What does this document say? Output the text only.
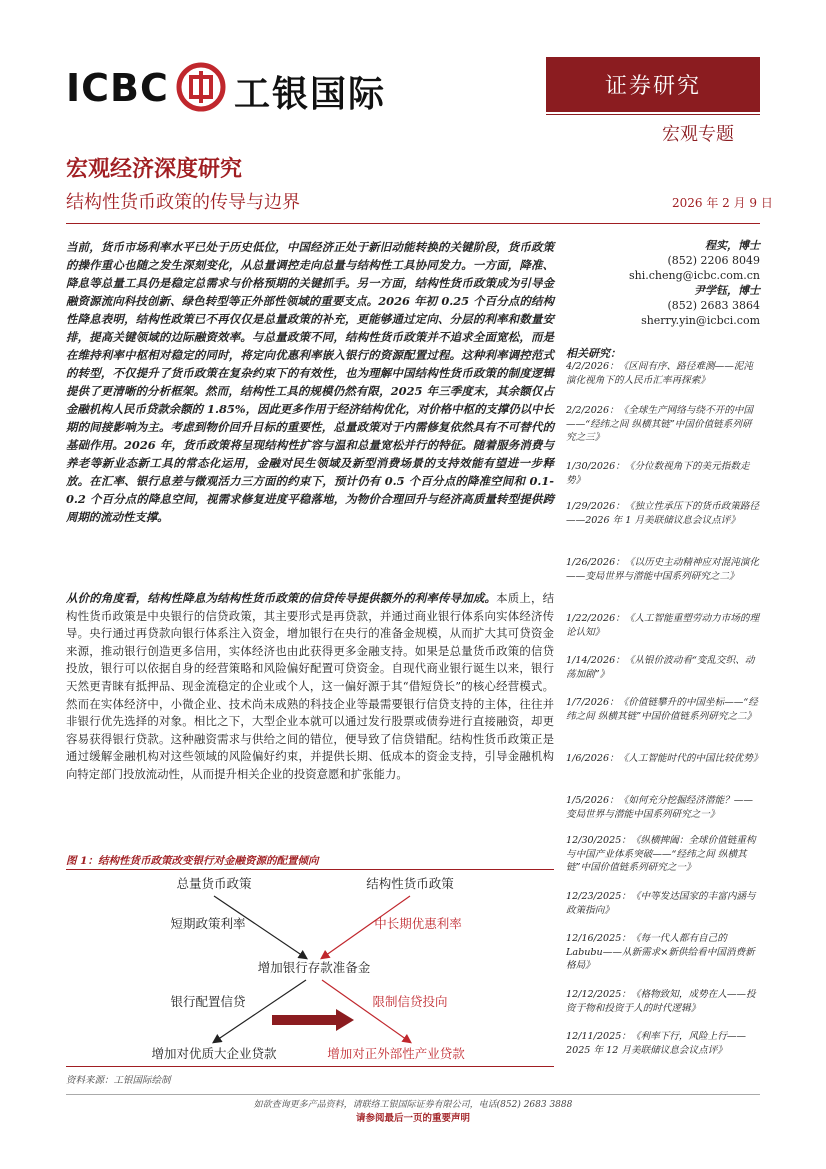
ICBC 工银国际	证券研究
宏观专题
宏观经济深度研究
结构性货币政策的传导与边界	2026 年 2 月 9 日
当前，货币市场利率水平已处于历史低位，中国经济正处于新旧动能转换的关键阶段，货币政策的操作重心也随之发生深刻变化，从总量调控走向总量与结构性工具协同发力。一方面，降准、降息等总量工具仍是稳定总需求与价格预期的关键抓手。另一方面，结构性货币政策成为引导金融资源流向科技创新、绿色转型等正外部性领域的重要支点。2026 年初 0.25 个百分点的结构性降息表明，结构性政策已不再仅仅是总量政策的补充，更能够通过定向、分层的利率和数量安排，提高关键领域的边际融资效率。与总量政策不同，结构性货币政策并不追求全面宽松，而是在维持利率中枢相对稳定的同时，将定向优惠利率嵌入银行的资源配置过程。这种利率调控范式的转型，不仅提升了货币政策在复杂约束下的有效性，也为理解中国结构性货币政策的制度逻辑提供了更清晰的分析框架。然而，结构性工具的规模仍然有限，2025 年三季度末，其余额仅占金融机构人民币贷款余额的 1.85%，因此更多作用于经济结构优化，对价格中枢的支撑仍以中长期的间接影响为主。考虑到物价回升目标的重要性，总量政策对于内需修复依然具有不可替代的基础作用。2026 年，货币政策将呈现结构性扩容与温和总量宽松并行的特征。随着服务消费与养老等新业态新工具的常态化运用，金融对民生领域及新型消费场景的支持效能有望进一步释放。在汇率、银行息差与微观活力三方面的约束下，预计仍有 0.5 个百分点的降准空间和 0.1-0.2 个百分点的降息空间，视需求修复进度平稳落地，为物价合理回升与经济高质量转型提供跨周期的流动性支撑。
从价的角度看，结构性降息为结构性货币政策的信贷传导提供额外的利率传导加成。本质上，结构性货币政策是中央银行的信贷政策，其主要形式是再贷款，并通过商业银行体系向实体经济传导。央行通过再贷款向银行体系注入资金，增加银行在央行的准备金规模，从而扩大其可贷资金来源，推动银行创造更多信用，实体经济也由此获得更多金融支持。如果是总量货币政策的信贷投放，银行可以依据自身的经营策略和风险偏好配置可贷资金。自现代商业银行诞生以来，银行天然更青睐有抵押品、现金流稳定的企业或个人，这一偏好源于其“借短贷长”的核心经营模式。然而在实体经济中，小微企业、技术尚未成熟的科技企业等最需要银行信贷支持的主体，往往并非银行优先选择的对象。相比之下，大型企业本就可以通过发行股票或债券进行直接融资，却更容易获得银行贷款。这种融资需求与供给之间的错位，便导致了信贷错配。结构性货币政策正是通过缓解金融机构对这些领域的风险偏好约束，并提供长期、低成本的资金支持，引导金融机构向特定部门投放流动性，从而提升相关企业的投资意愿和扩张能力。
程实，博士
(852) 2206 8049
shi.cheng@icbc.com.cn
尹学钰，博士
(852) 2683 3864
sherry.yin@icbci.com
相关研究：
4/2/2026：《区间有序、路径难测——泥沌演化视角下的人民币汇率再探索》
2/2/2026：《全球生产网络与绕不开的中国——“经纬之间 纵横其链”中国价值链系列研究之三》
1/30/2026：《分位数视角下的美元指数走势》
1/29/2026：《独立性承压下的货币政策路径——2026 年 1 月美联储议息会议点评》
1/26/2026：《以历史主动精神应对混沌演化——变局世界与潜能中国系列研究之二》
1/22/2026：《人工智能重塑劳动力市场的理论认知》
1/14/2026：《从银价波动看“变乱交织、动荡加剧”》
1/7/2026：《价值链攀升的中国坐标——“经纬之间 纵横其链”中国价值链系列研究之二》
1/6/2026：《人工智能时代的中国比较优势》
1/5/2026：《如何充分挖掘经济潜能？——变局世界与潜能中国系列研究之一》
12/30/2025：《纵横捭阖：全球价值链重构与中国产业体系突破——“经纬之间 纵横其链”中国价值链系列研究之一》
12/23/2025：《中等发达国家的丰富内涵与政策指向》
12/16/2025：《每一代人都有自己的 Labubu——从新需求×新供给看中国消费新格局》
12/12/2025：《格物致知，成势在人——投资于物和投资于人的时代逻辑》
12/11/2025：《利率下行，风险上行——2025 年 12 月美联储议息会议点评》
图 1：结构性货币政策改变银行对金融资源的配置倾向
总量货币政策	结构性货币政策
短期政策利率	中长期优惠利率
增加银行存款准备金
银行配置信贷	限制信贷投向
增加对优质大企业贷款	增加对正外部性产业贷款
资料来源：工银国际绘制
如欲查询更多产品资料，请联络工银国际证券有限公司，电话(852) 2683 3888
请参阅最后一页的重要声明
